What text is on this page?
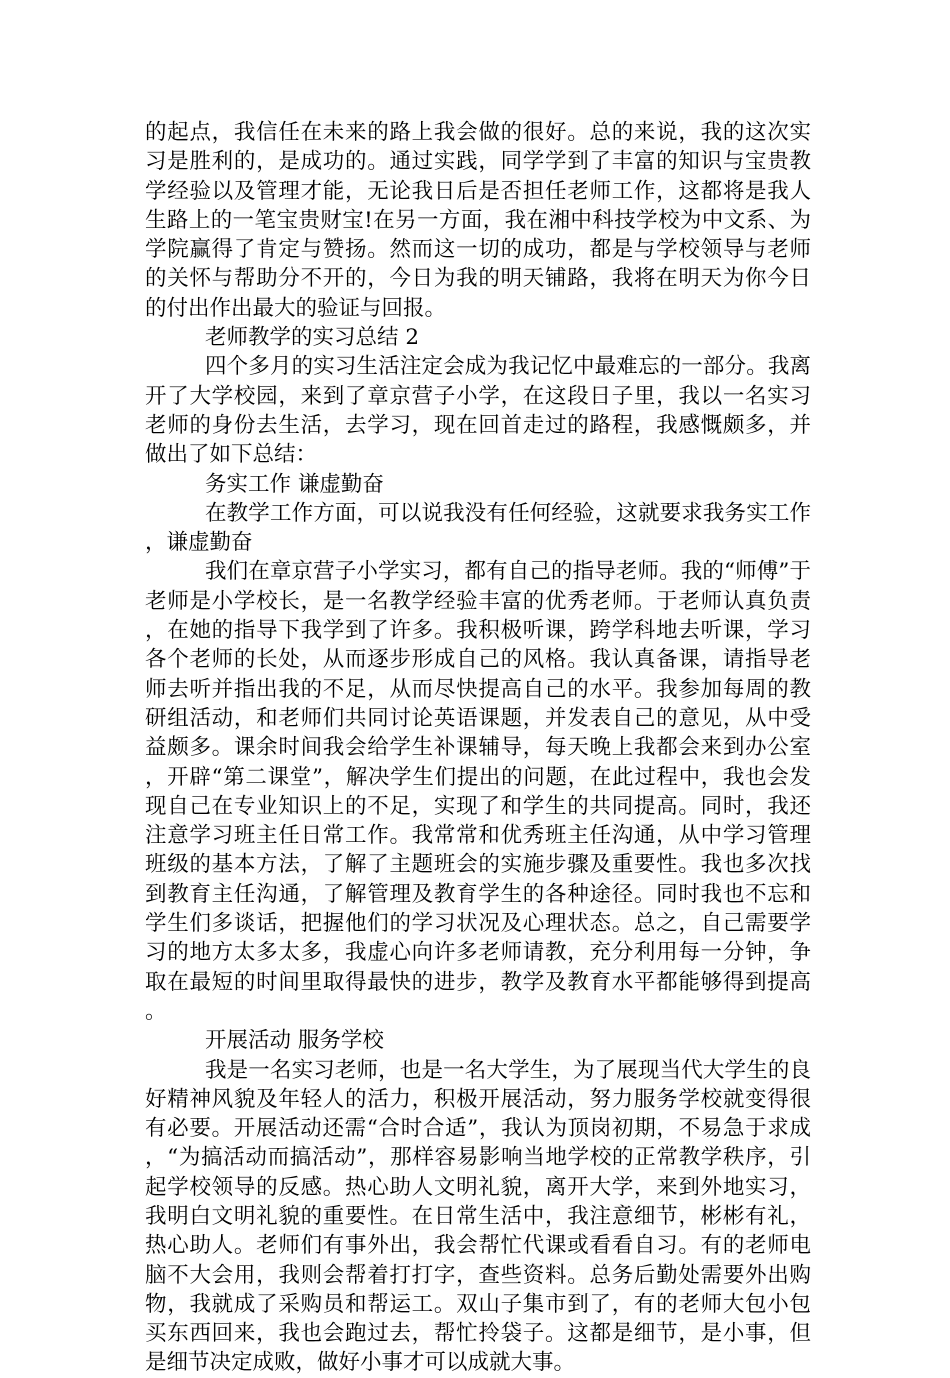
的起点，我信任在未来的路上我会做的很好。总的来说，我的这次实习是胜利的，是成功的。通过实践，同学学到了丰富的知识与宝贵教学经验以及管理才能，无论我日后是否担任老师工作，这都将是我人生路上的一笔宝贵财宝!在另一方面，我在湘中科技学校为中文系、为学院赢得了肯定与赞扬。然而这一切的成功，都是与学校领导与老师的关怀与帮助分不开的，今日为我的明天铺路，我将在明天为你今日的付出作出最大的验证与回报。

老师教学的实习总结 2

四个多月的实习生活注定会成为我记忆中最难忘的一部分。我离开了大学校园，来到了章京营子小学，在这段日子里，我以一名实习老师的身份去生活，去学习，现在回首走过的路程，我感慨颇多，并做出了如下总结：

务实工作 谦虚勤奋

在教学工作方面，可以说我没有任何经验，这就要求我务实工作，谦虚勤奋

我们在章京营子小学实习，都有自己的指导老师。我的“师傅”于老师是小学校长，是一名教学经验丰富的优秀老师。于老师认真负责，在她的指导下我学到了许多。我积极听课，跨学科地去听课，学习各个老师的长处，从而逐步形成自己的风格。我认真备课，请指导老师去听并指出我的不足，从而尽快提高自己的水平。我参加每周的教研组活动，和老师们共同讨论英语课题，并发表自己的意见，从中受益颇多。课余时间我会给学生补课辅导，每天晚上我都会来到办公室，开辟“第二课堂”，解决学生们提出的问题，在此过程中，我也会发现自己在专业知识上的不足，实现了和学生的共同提高。同时，我还注意学习班主任日常工作。我常常和优秀班主任沟通，从中学习管理班级的基本方法，了解了主题班会的实施步骤及重要性。我也多次找到教育主任沟通，了解管理及教育学生的各种途径。同时我也不忘和学生们多谈话，把握他们的学习状况及心理状态。总之，自己需要学习的地方太多太多，我虚心向许多老师请教，充分利用每一分钟，争取在最短的时间里取得最快的进步，教学及教育水平都能够得到提高。

开展活动 服务学校

我是一名实习老师，也是一名大学生，为了展现当代大学生的良好精神风貌及年轻人的活力，积极开展活动，努力服务学校就变得很有必要。开展活动还需“合时合适”，我认为顶岗初期，不易急于求成，“为搞活动而搞活动”，那样容易影响当地学校的正常教学秩序，引起学校领导的反感。热心助人文明礼貌，离开大学，来到外地实习，我明白文明礼貌的重要性。在日常生活中，我注意细节，彬彬有礼，热心助人。老师们有事外出，我会帮忙代课或看看自习。有的老师电脑不大会用，我则会帮着打打字，查些资料。总务后勤处需要外出购物，我就成了采购员和帮运工。双山子集市到了，有的老师大包小包买东西回来，我也会跑过去，帮忙拎袋子。这都是细节，是小事，但是细节决定成败，做好小事才可以成就大事。
